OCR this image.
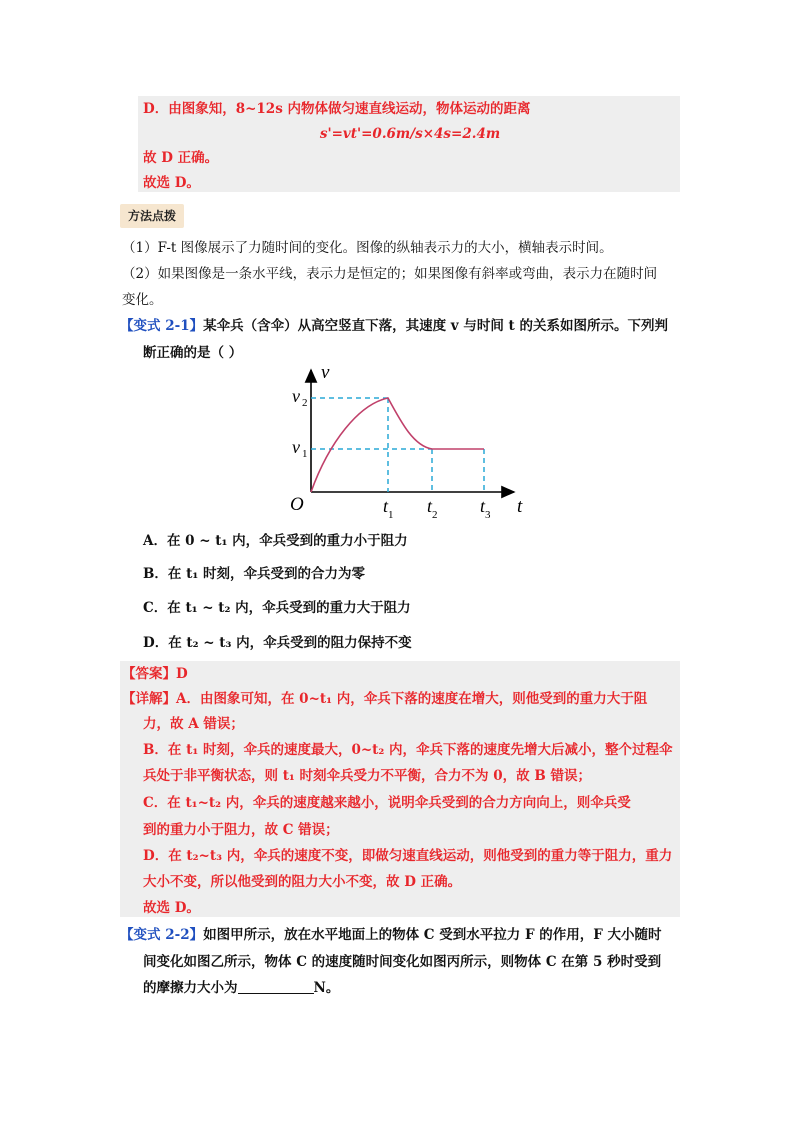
D．由图象知，8~12s 内物体做匀速直线运动，物体运动的距离
s'=vt'=0.6m/s×4s=2.4m
故 D 正确。
故选 D。
方法点拨
（1）F-t 图像展示了力随时间的变化。图像的纵轴表示力的大小，横轴表示时间。
（2）如果图像是一条水平线，表示力是恒定的；如果图像有斜率或弯曲，表示力在随时间
变化。
【变式 2-1】某伞兵（含伞）从高空竖直下落，其速度 v 与时间 t 的关系如图所示。下列判
断正确的是（ ）
v
t
O
v 2
v 1
t 1 t 2 t 3
A．在 0 ~ t₁ 内，伞兵受到的重力小于阻力
B．在 t₁ 时刻，伞兵受到的合力为零
C．在 t₁ ~ t₂ 内，伞兵受到的重力大于阻力
D．在 t₂ ~ t₃ 内，伞兵受到的阻力保持不变
【答案】D
【详解】A．由图象可知，在 0~t₁ 内，伞兵下落的速度在增大，则他受到的重力大于阻
力，故 A 错误；
B．在 t₁ 时刻，伞兵的速度最大，0~t₂ 内，伞兵下落的速度先增大后减小，整个过程伞
兵处于非平衡状态，则 t₁ 时刻伞兵受力不平衡，合力不为 0，故 B 错误；
C．在 t₁~t₂ 内，伞兵的速度越来越小，说明伞兵受到的合力方向向上，则伞兵受
到的重力小于阻力，故 C 错误；
D．在 t₂~t₃ 内，伞兵的速度不变，即做匀速直线运动，则他受到的重力等于阻力，重力
大小不变，所以他受到的阻力大小不变，故 D 正确。
故选 D。
【变式 2-2】如图甲所示，放在水平地面上的物体 C 受到水平拉力 F 的作用，F 大小随时
间变化如图乙所示，物体 C 的速度随时间变化如图丙所示，则物体 C 在第 5 秒时受到
的摩擦力大小为	N。
